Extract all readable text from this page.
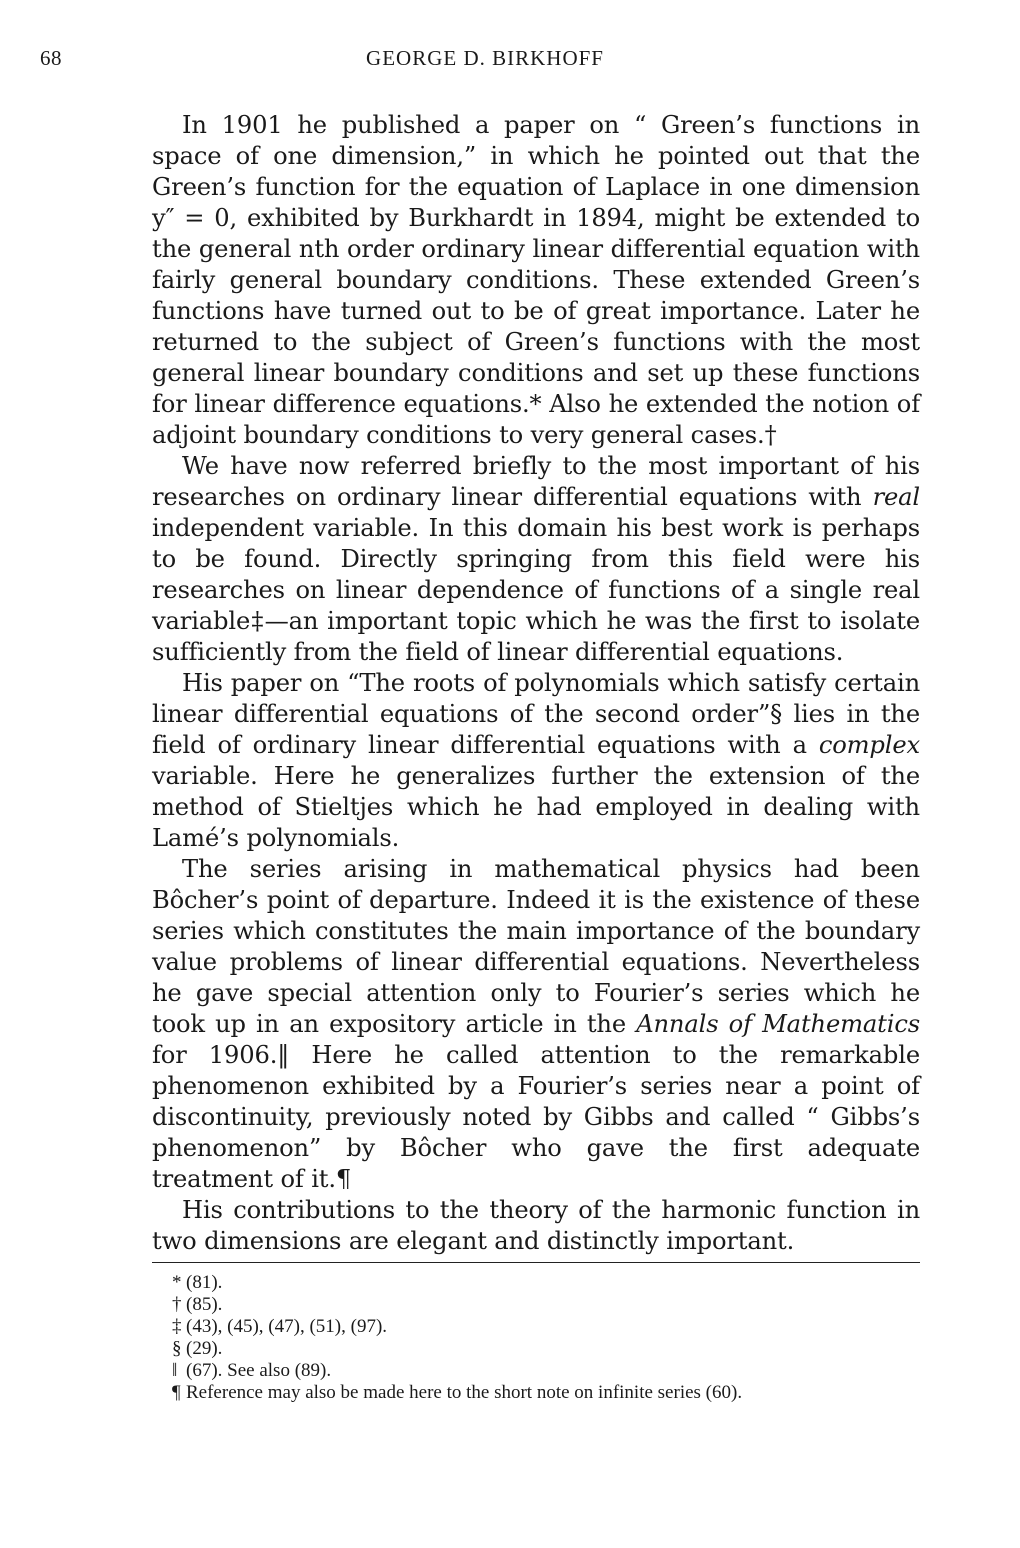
68	GEORGE D. BIRKHOFF

In 1901 he published a paper on “ Green’s functions in space of one dimension,” in which he pointed out that the Green’s function for the equation of Laplace in one dimension y″ = 0, exhibited by Burkhardt in 1894, might be extended to the general nth order ordinary linear differential equation with fairly general boundary conditions. These extended Green’s functions have turned out to be of great importance. Later he returned to the subject of Green’s functions with the most general linear boundary conditions and set up these functions for linear difference equations.* Also he extended the notion of adjoint boundary conditions to very general cases.†

We have now referred briefly to the most important of his researches on ordinary linear differential equations with real independent variable. In this domain his best work is perhaps to be found. Directly springing from this field were his researches on linear dependence of functions of a single real variable‡—an important topic which he was the first to isolate sufficiently from the field of linear differential equations.

His paper on “The roots of polynomials which satisfy certain linear differential equations of the second order”§ lies in the field of ordinary linear differential equations with a complex variable. Here he generalizes further the extension of the method of Stieltjes which he had employed in dealing with Lamé’s polynomials.

The series arising in mathematical physics had been Bôcher’s point of departure. Indeed it is the existence of these series which constitutes the main importance of the boundary value problems of linear differential equations. Nevertheless he gave special attention only to Fourier’s series which he took up in an expository article in the Annals of Mathematics for 1906.‖ Here he called attention to the remarkable phenomenon exhibited by a Fourier’s series near a point of discontinuity, previously noted by Gibbs and called “ Gibbs’s phenomenon” by Bôcher who gave the first adequate treatment of it.¶

His contributions to the theory of the harmonic function in two dimensions are elegant and distinctly important.

* (81).
† (85).
‡ (43), (45), (47), (51), (97).
§ (29).
‖ (67). See also (89).
¶ Reference may also be made here to the short note on infinite series (60).
